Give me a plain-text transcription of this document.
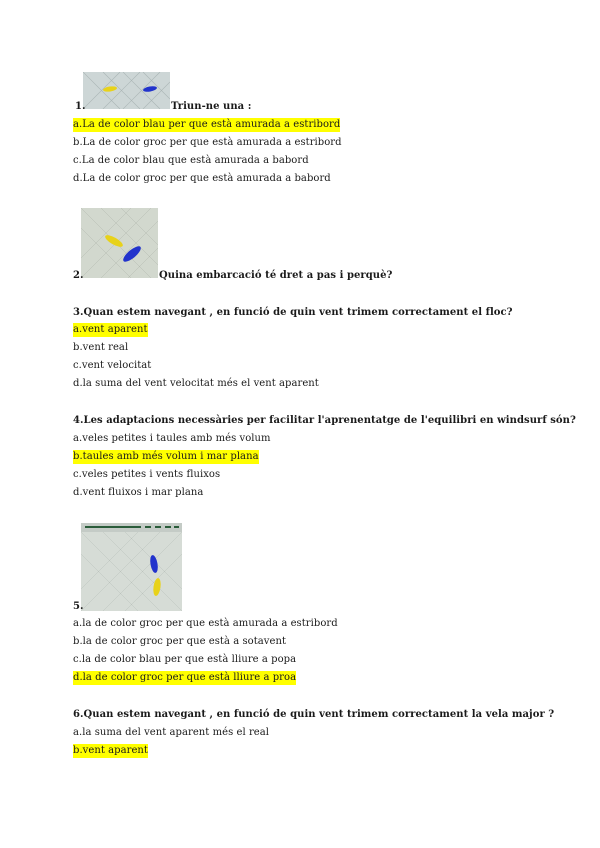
1.	Triun-ne una :
a.La de color blau per que està amurada a estribord
b.La de color groc per que està amurada a estribord
c.La de color blau que està amurada a babord
d.La de color groc per que està amurada a babord
2.	Quina embarcació té dret a pas i perquè?
3.Quan estem navegant , en funció de quin vent trimem correctament el floc?
a.vent aparent
b.vent real
c.vent velocitat
d.la suma del vent velocitat més el vent aparent
4.Les adaptacions necessàries per facilitar l'aprenentatge de l'equilibri en windsurf són?
a.veles petites i taules amb més volum
b.taules amb més volum i mar plana
c.veles petites i vents fluixos
d.vent fluixos i mar plana
5.
a.la de color groc per que està amurada a estribord
b.la de color groc per que està a sotavent
c.la de color blau per que està lliure a popa
d.la de color groc per que està lliure a proa
6.Quan estem navegant , en funció de quin vent trimem correctament la vela major ?
a.la suma del vent aparent més el real
b.vent aparent
